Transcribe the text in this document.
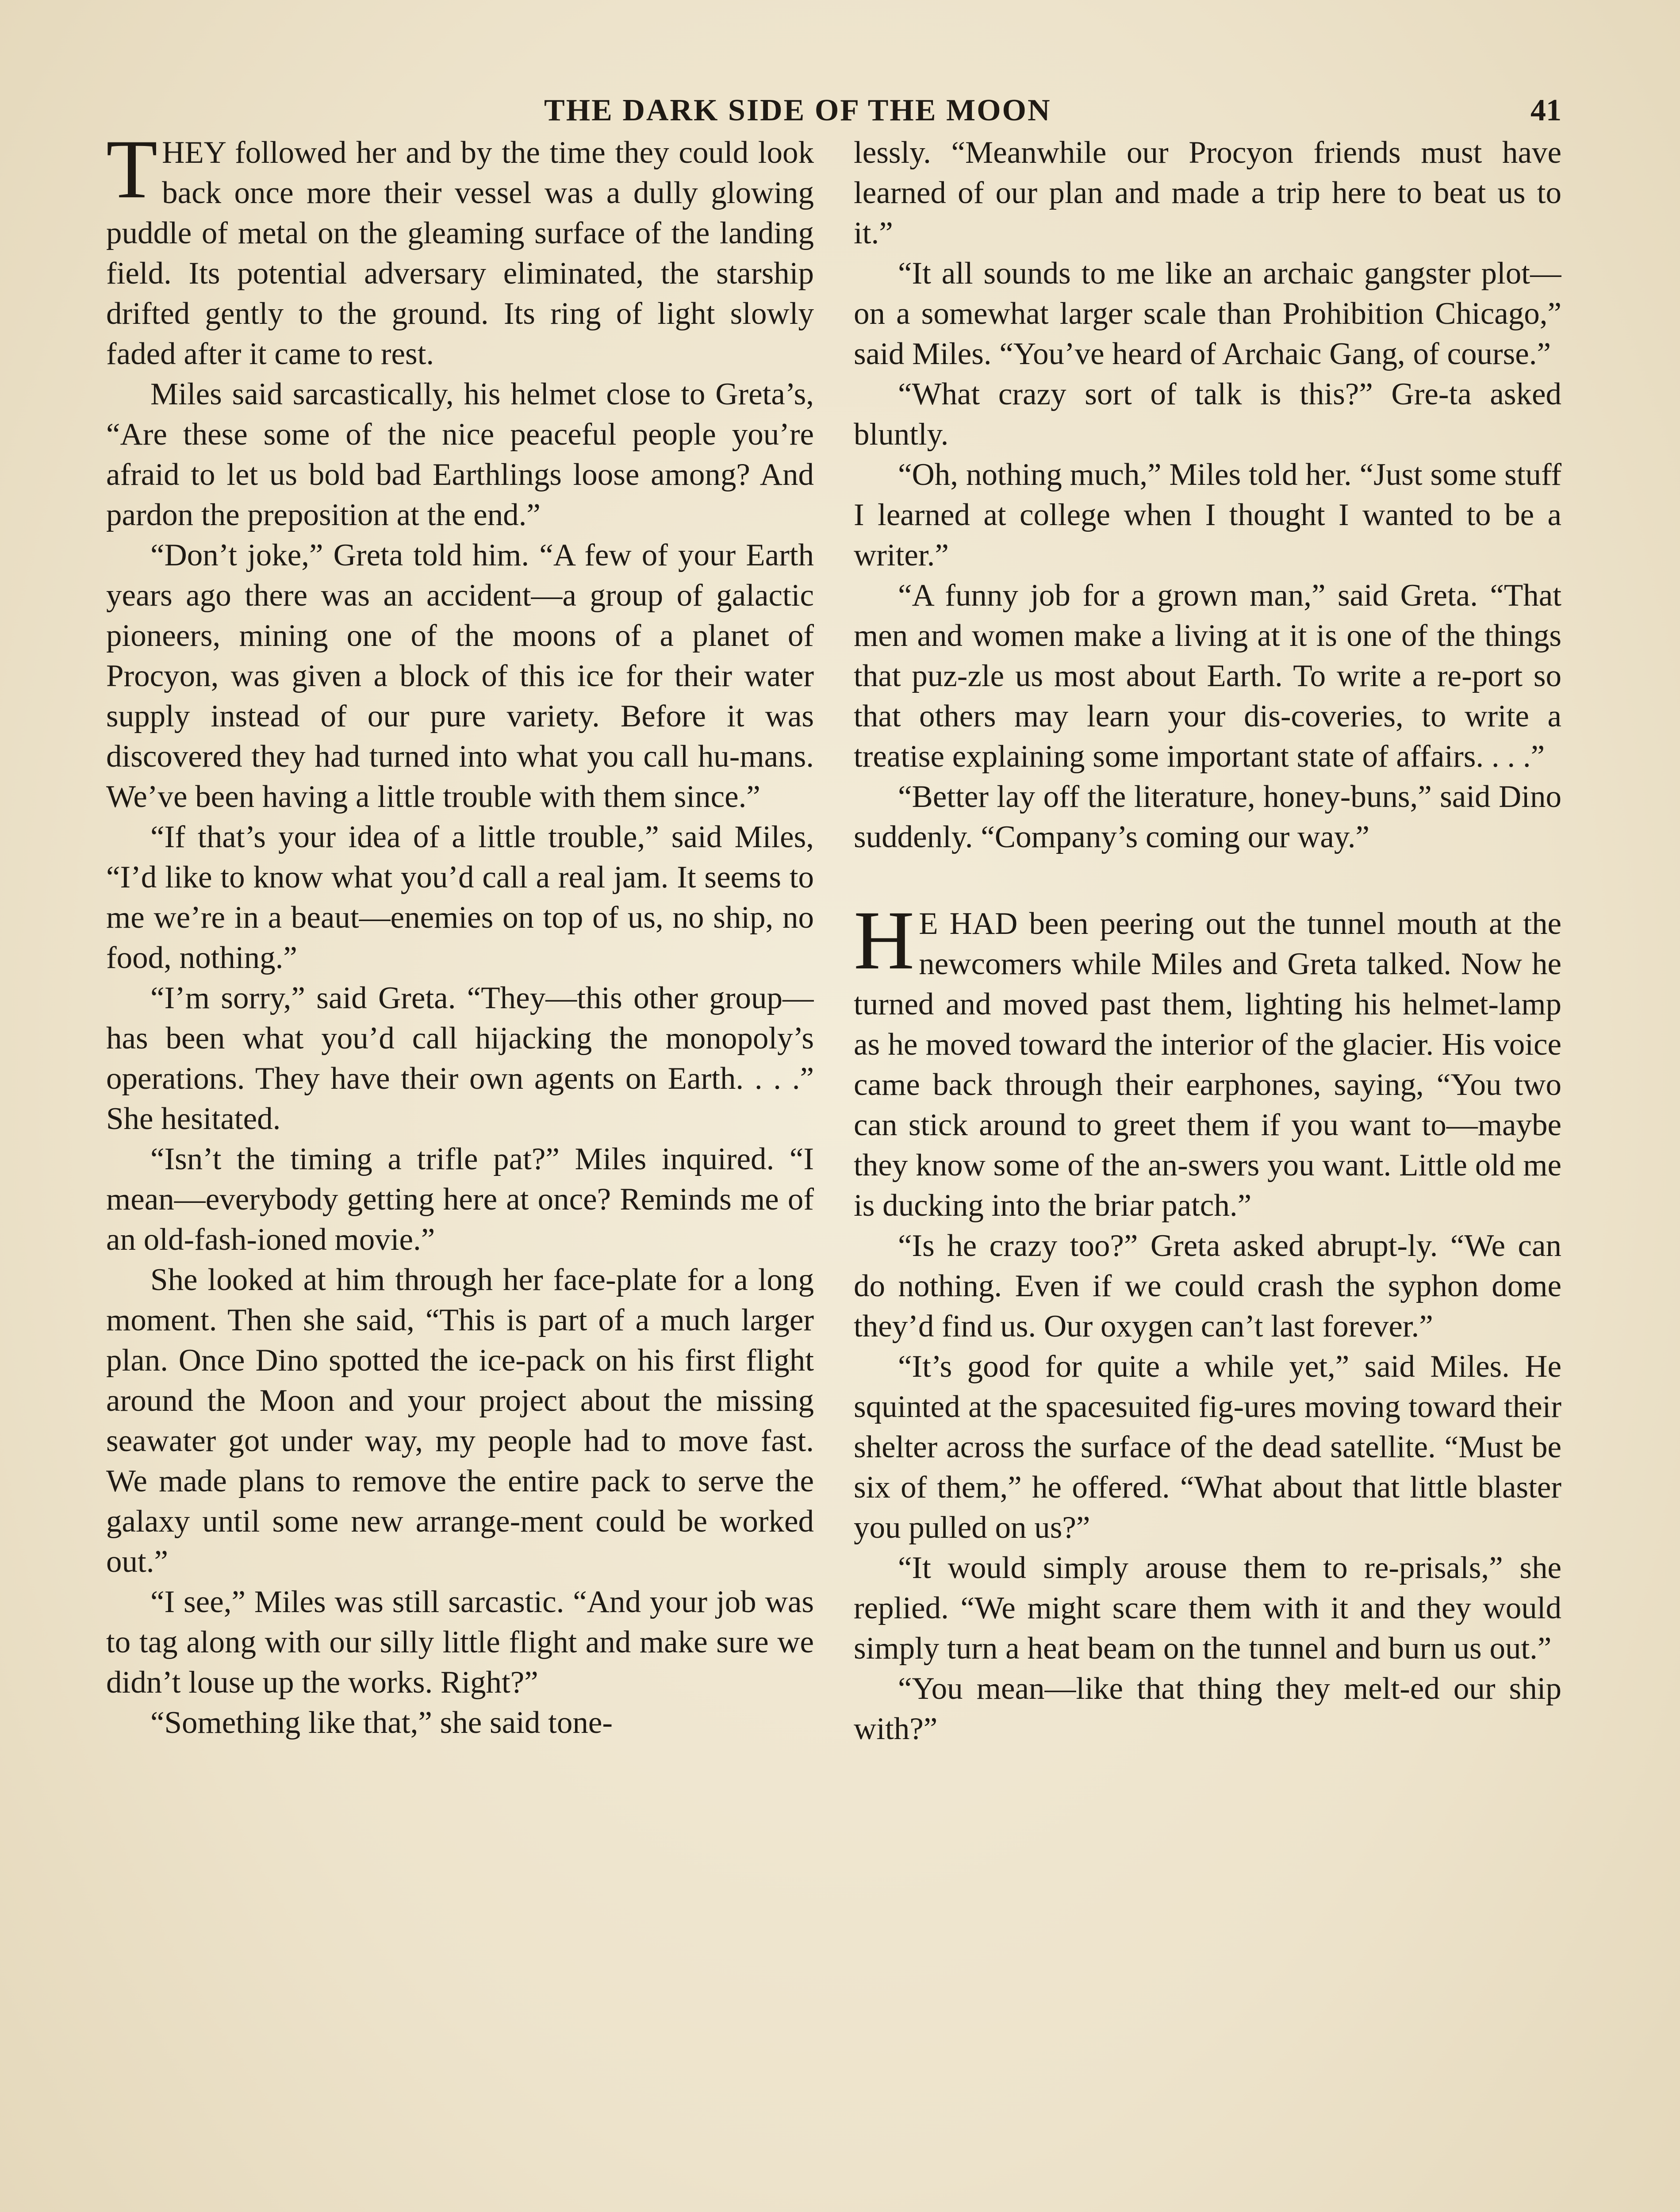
THE DARK SIDE OF THE MOON	41

THEY followed her and by the time they could look back once more their vessel was a dully glowing puddle of metal on the gleaming surface of the landing field. Its potential adversary eliminated, the starship drifted gently to the ground. Its ring of light slowly faded after it came to rest.

Miles said sarcastically, his helmet close to Greta’s, “Are these some of the nice peaceful people you’re afraid to let us bold bad Earthlings loose among? And pardon the preposition at the end.”

“Don’t joke,” Greta told him. “A few of your Earth years ago there was an accident—a group of galactic pioneers, mining one of the moons of a planet of Procyon, was given a block of this ice for their water supply instead of our pure variety. Before it was discovered they had turned into what you call hu-mans. We’ve been having a little trouble with them since.”

“If that’s your idea of a little trouble,” said Miles, “I’d like to know what you’d call a real jam. It seems to me we’re in a beaut—enemies on top of us, no ship, no food, nothing.”

“I’m sorry,” said Greta. “They—this other group—has been what you’d call hijacking the monopoly’s operations. They have their own agents on Earth. . . .” She hesitated.

“Isn’t the timing a trifle pat?” Miles inquired. “I mean—everybody getting here at once? Reminds me of an old-fash-ioned movie.”

She looked at him through her face-plate for a long moment. Then she said, “This is part of a much larger plan. Once Dino spotted the ice-pack on his first flight around the Moon and your project about the missing seawater got under way, my people had to move fast. We made plans to remove the entire pack to serve the galaxy until some new arrange-ment could be worked out.”

“I see,” Miles was still sarcastic. “And your job was to tag along with our silly little flight and make sure we didn’t louse up the works. Right?”

“Something like that,” she said tone-

lessly. “Meanwhile our Procyon friends must have learned of our plan and made a trip here to beat us to it.”

“It all sounds to me like an archaic gangster plot—on a somewhat larger scale than Prohibition Chicago,” said Miles. “You’ve heard of Archaic Gang, of course.”

“What crazy sort of talk is this?” Gre-ta asked bluntly.

“Oh, nothing much,” Miles told her. “Just some stuff I learned at college when I thought I wanted to be a writer.”

“A funny job for a grown man,” said Greta. “That men and women make a living at it is one of the things that puz-zle us most about Earth. To write a re-port so that others may learn your dis-coveries, to write a treatise explaining some important state of affairs. . . .”

“Better lay off the literature, honey-buns,” said Dino suddenly. “Company’s coming our way.”

HE HAD been peering out the tunnel mouth at the newcomers while Miles and Greta talked. Now he turned and moved past them, lighting his helmet-lamp as he moved toward the interior of the glacier. His voice came back through their earphones, saying, “You two can stick around to greet them if you want to—maybe they know some of the an-swers you want. Little old me is ducking into the briar patch.”

“Is he crazy too?” Greta asked abrupt-ly. “We can do nothing. Even if we could crash the syphon dome they’d find us. Our oxygen can’t last forever.”

“It’s good for quite a while yet,” said Miles. He squinted at the spacesuited fig-ures moving toward their shelter across the surface of the dead satellite. “Must be six of them,” he offered. “What about that little blaster you pulled on us?”

“It would simply arouse them to re-prisals,” she replied. “We might scare them with it and they would simply turn a heat beam on the tunnel and burn us out.”

“You mean—like that thing they melt-ed our ship with?”
